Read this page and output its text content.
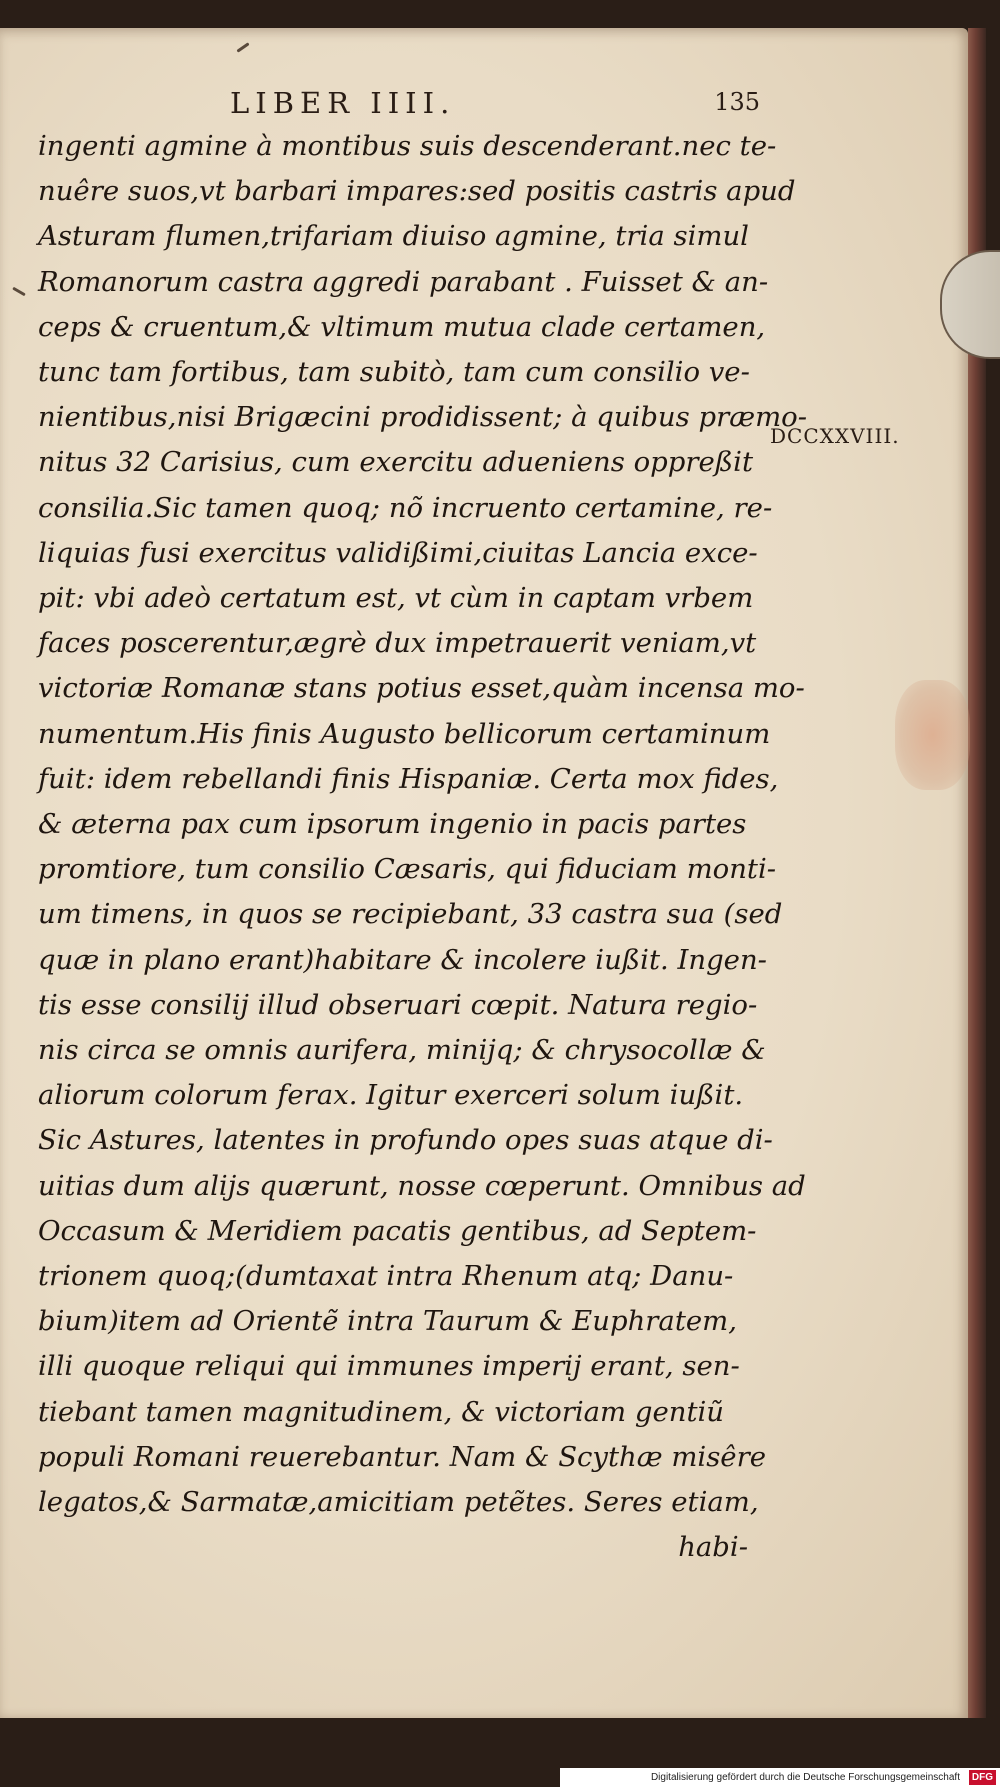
LIBER IIII.	135
ingenti agmine à montibus suis descenderant.nec te-
nuêre suos,vt barbari impares:sed positis castris apud
Asturam flumen,trifariam diuiso agmine, tria simul
Romanorum castra aggredi parabant . Fuisset & an-
ceps & cruentum,& vltimum mutua clade certamen,
tunc tam fortibus, tam subitò, tam cum consilio ve-
nientibus,nisi Brigæcini prodidissent; à quibus præmo-
nitus 32 Carisius, cum exercitu adueniens oppreßit
consilia.Sic tamen quoq; nõ incruento certamine, re-
liquias fusi exercitus validißimi,ciuitas Lancia exce-
pit: vbi adeò certatum est, vt cùm in captam vrbem
faces poscerentur,ægrè dux impetrauerit veniam,vt
victoriæ Romanæ stans potius esset,quàm incensa mo-
numentum.His finis Augusto bellicorum certaminum
fuit: idem rebellandi finis Hispaniæ. Certa mox fides,
& æterna pax cum ipsorum ingenio in pacis partes
promtiore, tum consilio Cæsaris, qui fiduciam monti-
um timens, in quos se recipiebant, 33 castra sua (sed
quæ in plano erant)habitare & incolere iußit. Ingen-
tis esse consilij illud obseruari cœpit. Natura regio-
nis circa se omnis aurifera, minijq; & chrysocollæ &
aliorum colorum ferax. Igitur exerceri solum iußit.
Sic Astures, latentes in profundo opes suas atque di-
uitias dum alijs quærunt, nosse cœperunt. Omnibus ad
Occasum & Meridiem pacatis gentibus, ad Septem-
trionem quoq;(dumtaxat intra Rhenum atq; Danu-
bium)item ad Orientẽ intra Taurum & Euphratem,
illi quoque reliqui qui immunes imperij erant, sen-
tiebant tamen magnitudinem, & victoriam gentiũ
populi Romani reuerebantur. Nam & Scythæ misêre
legatos,& Sarmatæ,amicitiam petẽtes. Seres etiam,
habi-
DCCXXVIII.
Digitalisierung gefördert durch die Deutsche Forschungsgemeinschaft	DFG
